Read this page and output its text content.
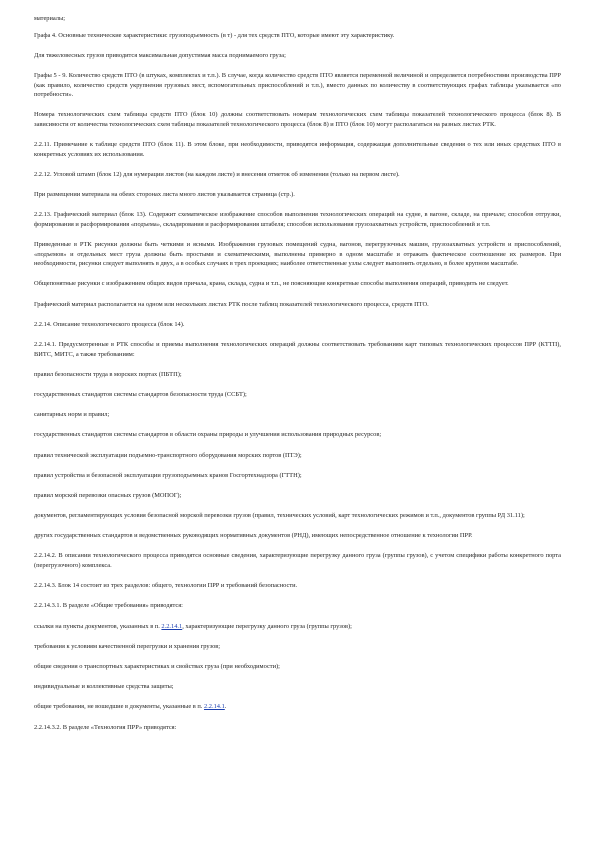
материалы;

Графа 4. Основные технические характеристики: грузоподъемность (в т) - для тех средств ПТО, которые имеют эту характеристику.

Для тяжеловесных грузов приводится максимальная допустимая масса поднимаемого груза;

Графы 5 - 9. Количество средств ПТО (в штуках, комплектах и т.п.). В случае, когда количество средств ПТО является переменной величиной и определяется потребностями производства ПРР (как правило, количество средств укрупнения грузовых мест, вспомогательных приспособлений и т.п.), вместо данных по количеству в соответствующих графах таблицы указывается «по потребности».

Номера технологических схем таблицы средств ПТО (блок 10) должны соответствовать номерам технологических схем таблицы показателей технологического процесса (блок 8). В зависимости от количества технологических схем таблицы показателей технологического процесса (блок 8) и ПТО (блок 10) могут располагаться на разных листах РТК.

2.2.11. Примечание к таблице средств ПТО (блок 11). В этом блоке, при необходимости, приводятся информация, содержащая дополнительные сведения о тех или иных средствах ПТО в конкретных условиях их использования.

2.2.12. Угловой штамп (блок 12) для нумерации листов (на каждом листе) и внесения отметок об изменении (только на первом листе).

При размещении материала на обеих сторонах листа много листов указывается страница (стр.).

2.2.13. Графический материал (блок 13). Содержит схематическое изображение способов выполнения технологических операций на судне, в вагоне, складе, на причале; способов отгрузки, формирования и расформирования «подъема», складирования и расформирования штабеля; способов использования грузозахватных устройств, приспособлений и т.п.

Приведенные в РТК рисунки должны быть четкими и ясными. Изображения грузовых помещений судна, вагонов, перегрузочных машин, грузозахватных устройств и приспособлений, «подъемов» и отдельных мест груза должны быть простыми и схематическими, выполнены примерно в одном масштабе и отражать фактическое соотношение их размеров. При необходимости, рисунки следует выполнять в двух, а в особых случаях в трех проекциях; наиболее ответственные узлы следует выполнять отдельно, в более крупном масштабе.

Общепонятные рисунки с изображением общих видов причала, крана, склада, судна и т.п., не поясняющие конкретные способы выполнения операций, приводить не следует.

Графический материал располагается на одном или нескольких листах РТК после таблиц показателей технологического процесса, средств ПТО.

2.2.14. Описание технологического процесса (блок 14).

2.2.14.1. Предусмотренные в РТК способы и приемы выполнения технологических операций должны соответствовать требованиям карт типовых технологических процессов ПРР (КТТП), ВИТС, МИТС, а также требованиям:

правил безопасности труда в морских портах (ПБТП);

государственных стандартов системы стандартов безопасности труда (ССБТ);

санитарных норм и правил;

государственных стандартов системы стандартов в области охраны природы и улучшения использования природных ресурсов;

правил технической эксплуатации подъемно-транспортного оборудования морских портов (ПТЭ);

правил устройства и безопасной эксплуатации грузоподъемных кранов Госгортехнадзора (ГТТН);

правил морской перевозки опасных грузов (МОПОГ);

документов, регламентирующих условия безопасной морской перевозки грузов (правил, технических условий, карт технологических режимов и т.п., документов группы РД 31.11);

других государственных стандартов и ведомственных руководящих нормативных документов (РНД), имеющих непосредственное отношение к технологии ПРР.

2.2.14.2. В описании технологического процесса приводятся основные сведения, характеризующие перегрузку данного груза (группы грузов), с учетом специфики работы конкретного порта (перегрузочного) комплекса.

2.2.14.3. Блок 14 состоит из трех разделов: общего, технологии ПРР и требований безопасности.

2.2.14.3.1. В разделе «Общие требования» приводятся:

ссылки на пункты документов, указанных в п. 2.2.14.1, характеризующие перегрузку данного груза (группы грузов);

требования к условиям качественной перегрузки и хранения грузов;

общие сведения о транспортных характеристиках и свойствах груза (при необходимости);

индивидуальные и коллективные средства защиты;

общие требования, не вошедшие в документы, указанные в п. 2.2.14.1.

2.2.14.3.2. В разделе «Технология ПРР» приводятся:
